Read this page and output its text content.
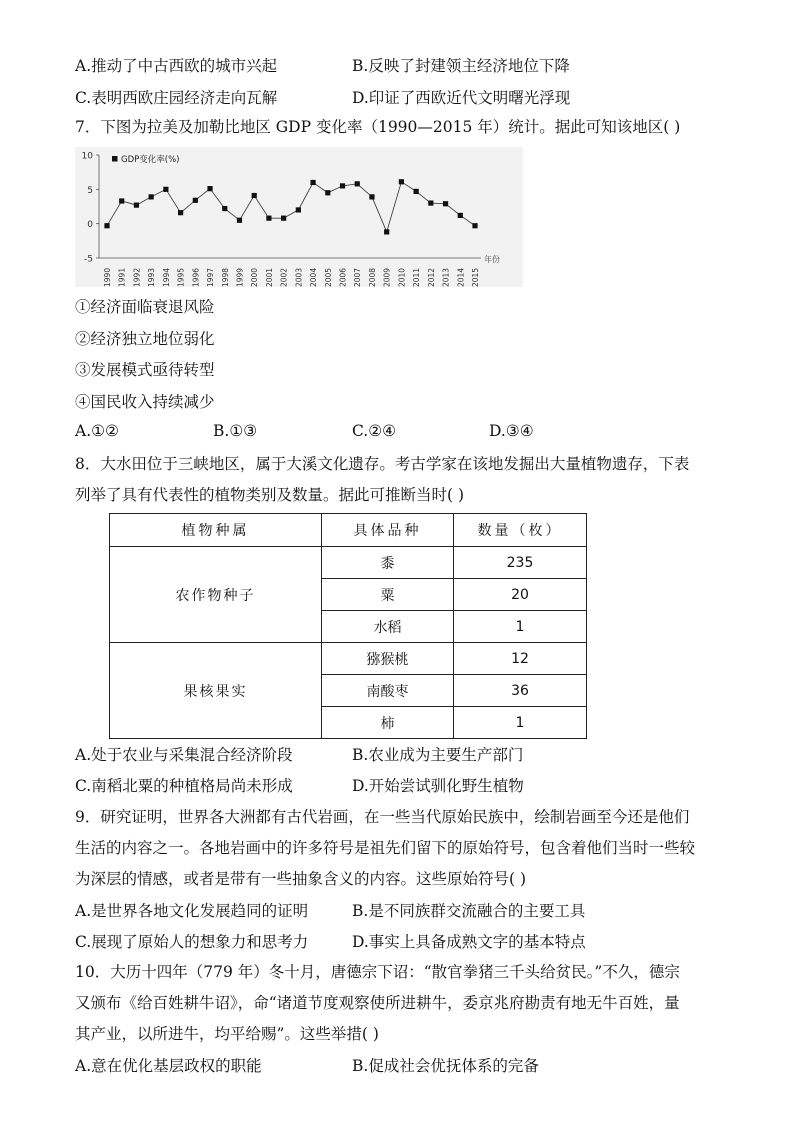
A.推动了中古西欧的城市兴起	B.反映了封建领主经济地位下降
C.表明西欧庄园经济走向瓦解	D.印证了西欧近代文明曙光浮现
7．下图为拉美及加勒比地区 GDP 变化率（1990—2015 年）统计。据此可知该地区( )
10
5
0
-5
1990 1991 1992 1993 1994 1995 1996 1997 1998 1999 2000 2001 2002 2003 2004 2005 2006 2007 2008 2009 2010 2011 2012 2013 2014 2015
GDP变化率(%)
年份
①经济面临衰退风险
②经济独立地位弱化
③发展模式亟待转型
④国民收入持续减少
A.①②	B.①③	C.②④	D.③④
8．大水田位于三峡地区，属于大溪文化遗存。考古学家在该地发掘出大量植物遗存，下表
列举了具有代表性的植物类别及数量。据此可推断当时( )
植物种属	具体品种	数量（枚）
农作物种子	黍	235
	粟	20
	水稻	1
果核果实	猕猴桃	12
	南酸枣	36
	柿	1
A.处于农业与采集混合经济阶段	B.农业成为主要生产部门
C.南稻北粟的种植格局尚未形成	D.开始尝试驯化野生植物
9．研究证明，世界各大洲都有古代岩画，在一些当代原始民族中，绘制岩画至今还是他们
生活的内容之一。各地岩画中的许多符号是祖先们留下的原始符号，包含着他们当时一些较
为深层的情感，或者是带有一些抽象含义的内容。这些原始符号( )
A.是世界各地文化发展趋同的证明	B.是不同族群交流融合的主要工具
C.展现了原始人的想象力和思考力	D.事实上具备成熟文字的基本特点
10．大历十四年（779 年）冬十月，唐德宗下诏：“散官拳猪三千头给贫民。”不久，德宗
又颁布《给百姓耕牛诏》，命“诸道节度观察使所进耕牛，委京兆府勘责有地无牛百姓，量
其产业，以所进牛，均平给赐”。这些举措( )
A.意在优化基层政权的职能	B.促成社会优抚体系的完备
